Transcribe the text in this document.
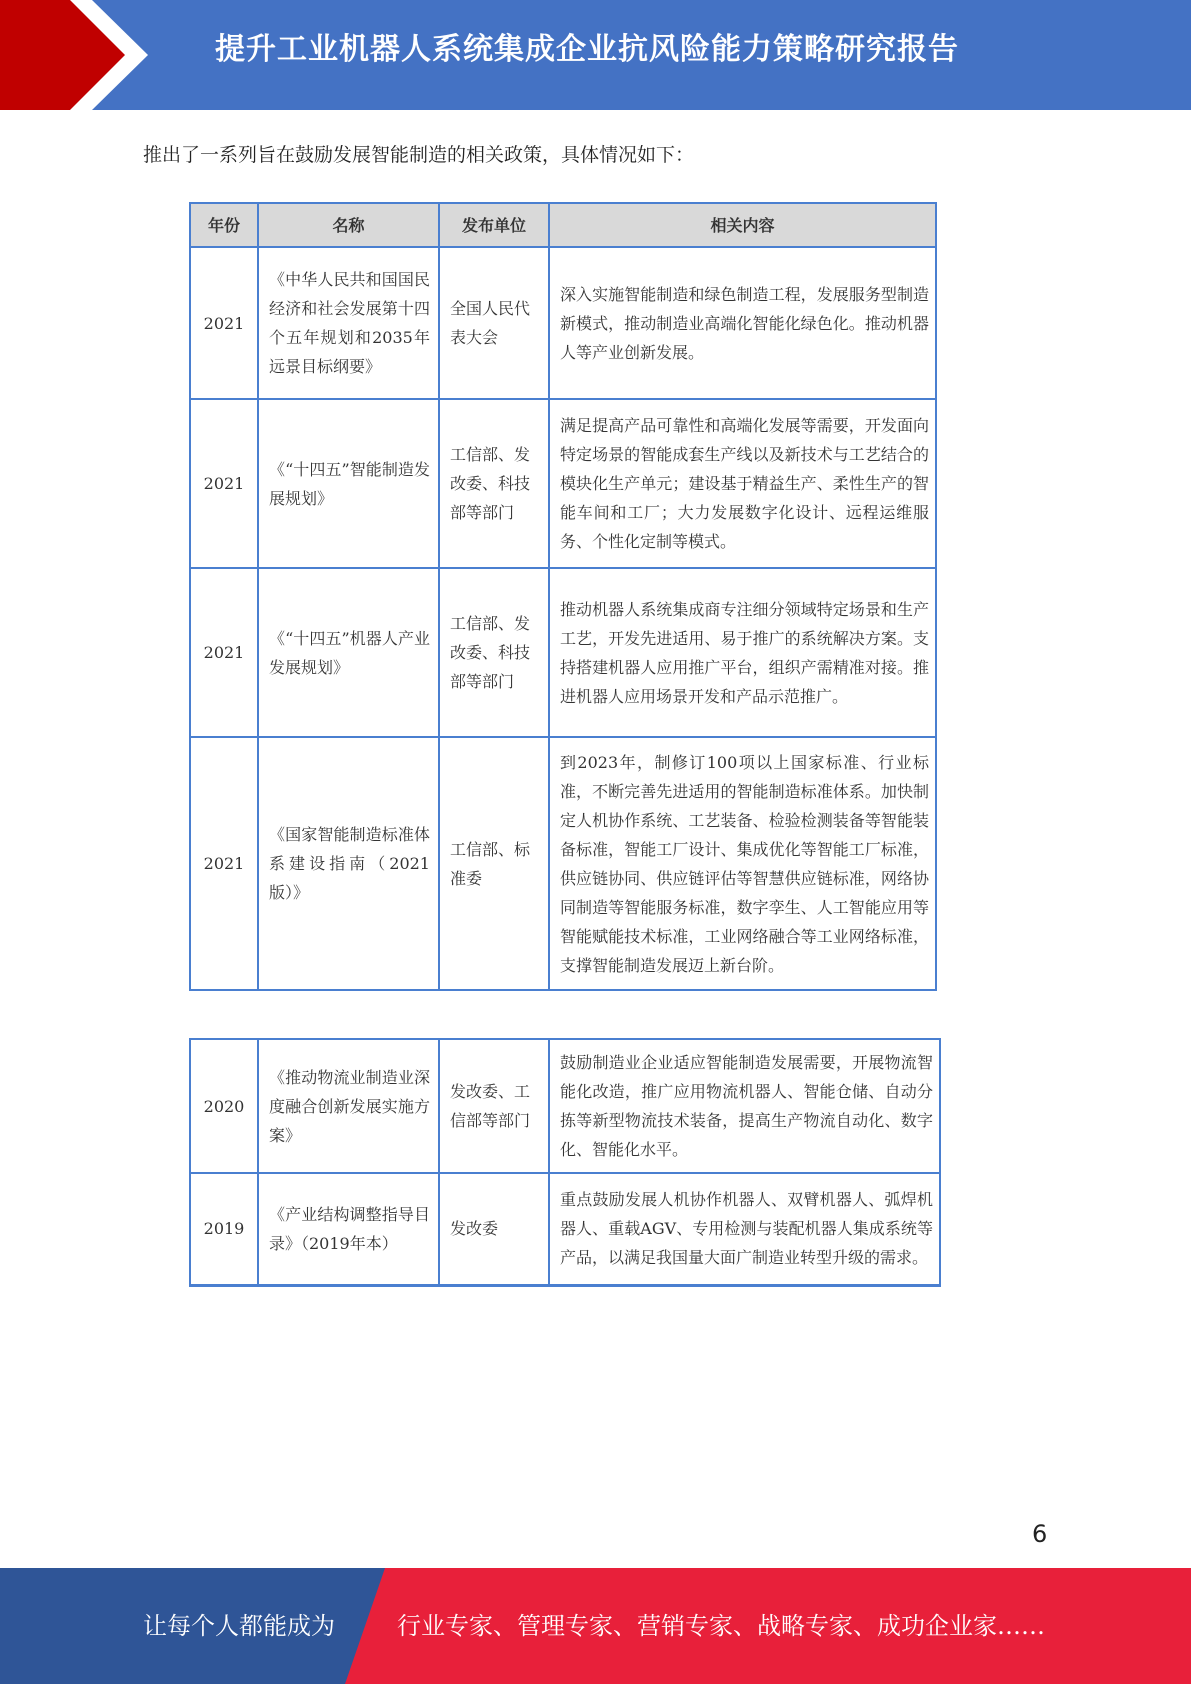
提升工业机器人系统集成企业抗风险能力策略研究报告
推出了一系列旨在鼓励发展智能制造的相关政策，具体情况如下：
年份	名称	发布单位	相关内容
2021	《中华人民共和国国民经济和社会发展第十四个五年规划和2035年远景目标纲要》	全国人民代表大会	深入实施智能制造和绿色制造工程，发展服务型制造新模式，推动制造业高端化智能化绿色化。推动机器人等产业创新发展。
2021	《“十四五”智能制造发展规划》	工信部、发改委、科技部等部门	满足提高产品可靠性和高端化发展等需要，开发面向特定场景的智能成套生产线以及新技术与工艺结合的模块化生产单元；建设基于精益生产、柔性生产的智能车间和工厂；大力发展数字化设计、远程运维服务、个性化定制等模式。
2021	《“十四五”机器人产业发展规划》	工信部、发改委、科技部等部门	推动机器人系统集成商专注细分领域特定场景和生产工艺，开发先进适用、易于推广的系统解决方案。支持搭建机器人应用推广平台，组织产需精准对接。推进机器人应用场景开发和产品示范推广。
2021	《国家智能制造标准体系建设指南（2021版）》	工信部、标准委	到2023年，制修订100项以上国家标准、行业标准，不断完善先进适用的智能制造标准体系。加快制定人机协作系统、工艺装备、检验检测装备等智能装备标准，智能工厂设计、集成优化等智能工厂标准，供应链协同、供应链评估等智慧供应链标准，网络协同制造等智能服务标准，数字孪生、人工智能应用等智能赋能技术标准，工业网络融合等工业网络标准，支撑智能制造发展迈上新台阶。
2020	《推动物流业制造业深度融合创新发展实施方案》	发改委、工信部等部门	鼓励制造业企业适应智能制造发展需要，开展物流智能化改造，推广应用物流机器人、智能仓储、自动分拣等新型物流技术装备，提高生产物流自动化、数字化、智能化水平。
2019	《产业结构调整指导目录》（2019年本）	发改委	重点鼓励发展人机协作机器人、双臂机器人、弧焊机器人、重载AGV、专用检测与装配机器人集成系统等产品，以满足我国量大面广制造业转型升级的需求。
6
让每个人都能成为	行业专家、管理专家、营销专家、战略专家、成功企业家……
